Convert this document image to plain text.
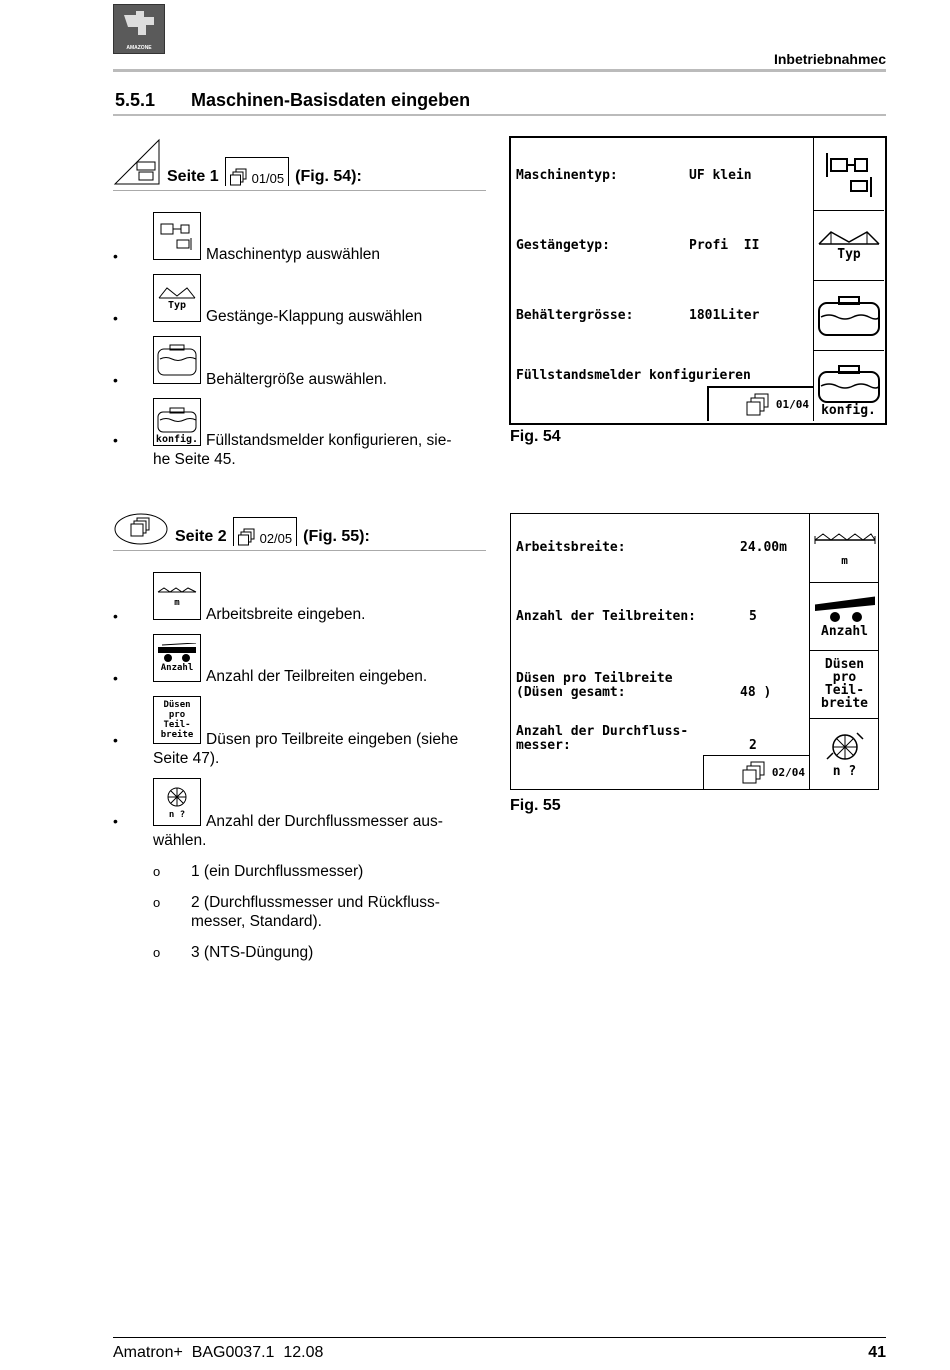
AMAZONE
Inbetriebnahmec
5.5.1 Maschinen-Basisdaten eingeben
Seite 1	01/05 (Fig. 54):
•	Maschinentyp auswählen
•
Typ
Gestänge-Klappung auswählen
•	Behältergröße auswählen.
•	konfig. Füllstandsmelder konfigurieren, sie-
he Seite 45.
Maschinentyp:	UF klein
Gestängetyp:	Profi  II
Behältergrösse:	1801Liter
Füllstandsmelder konfigurieren
01/04
Typ
konfig.
Fig. 54
Seite 2	02/05 (Fig. 55):
•
m
Arbeitsbreite eingeben.
•
Anzahl Anzahl der Teilbreiten eingeben.
•
Düsen
pro
Teil-
breite Düsen pro Teilbreite eingeben (siehe
Seite 47).
•	n ? Anzahl der Durchflussmesser aus-
wählen.
o 1 (ein Durchflussmesser)
o 2 (Durchflussmesser und Rückfluss-
messer, Standard).
o 3 (NTS-Düngung)
Arbeitsbreite:	24.00m
Anzahl der Teilbreiten:	5
Düsen pro Teilbreite
(Düsen gesamt:	48 )
Anzahl der Durchfluss-
messer:	2
02/04
m
Anzahl
Düsen
pro
Teil-
breite
n ?
Fig. 55
Amatron+  BAG0037.1  12.08	41
